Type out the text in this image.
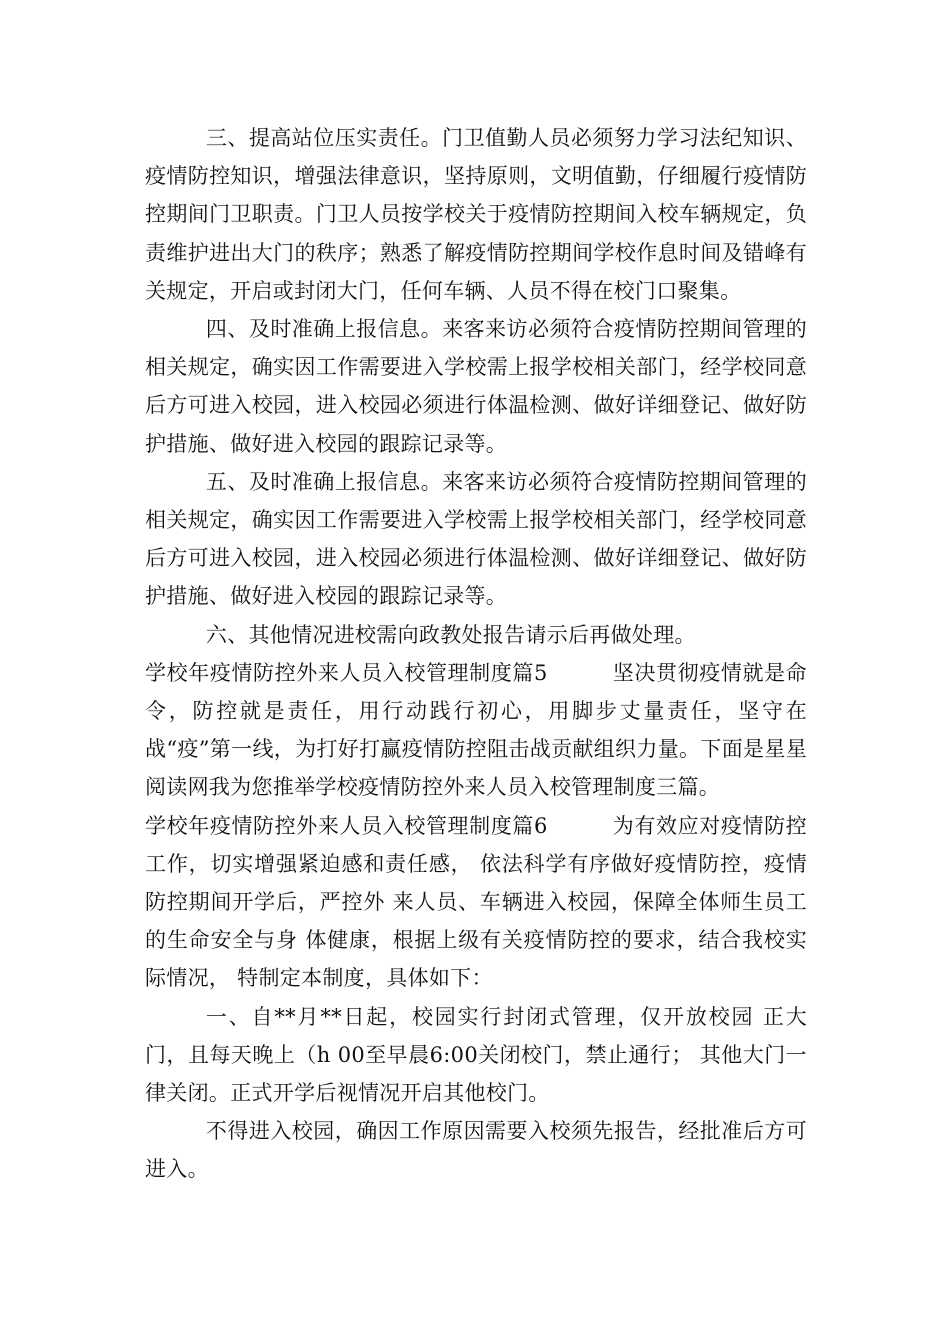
三、提高站位压实责任。门卫值勤人员必须努力学习法纪知识、疫情防控知识，增强法律意识，坚持原则，文明值勤，仔细履行疫情防控期间门卫职责。门卫人员按学校关于疫情防控期间入校车辆规定，负责维护进出大门的秩序；熟悉了解疫情防控期间学校作息时间及错峰有关规定，开启或封闭大门，任何车辆、人员不得在校门口聚集。

四、及时准确上报信息。来客来访必须符合疫情防控期间管理的相关规定，确实因工作需要进入学校需上报学校相关部门，经学校同意后方可进入校园，进入校园必须进行体温检测、做好详细登记、做好防护措施、做好进入校园的跟踪记录等。

五、及时准确上报信息。来客来访必须符合疫情防控期间管理的相关规定，确实因工作需要进入学校需上报学校相关部门，经学校同意后方可进入校园，进入校园必须进行体温检测、做好详细登记、做好防护措施、做好进入校园的跟踪记录等。

六、其他情况进校需向政教处报告请示后再做处理。

学校年疫情防控外来人员入校管理制度篇5　　　坚决贯彻疫情就是命令，防控就是责任，用行动践行初心，用脚步丈量责任，坚守在战“疫”第一线，为打好打赢疫情防控阻击战贡献组织力量。下面是星星阅读网我为您推举学校疫情防控外来人员入校管理制度三篇。

学校年疫情防控外来人员入校管理制度篇6　　　为有效应对疫情防控工作，切实增强紧迫感和责任感， 依法科学有序做好疫情防控，疫情防控期间开学后，严控外 来人员、车辆进入校园，保障全体师生员工的生命安全与身 体健康，根据上级有关疫情防控的要求，结合我校实际情况， 特制定本制度，具体如下：

一、自**月**日起，校园实行封闭式管理，仅开放校园 正大门，且每天晚上（h 00至早晨6:00关闭校门，禁止通行； 其他大门一律关闭。正式开学后视情况开启其他校门。

不得进入校园，确因工作原因需要入校须先报告，经批准后方可进入。
